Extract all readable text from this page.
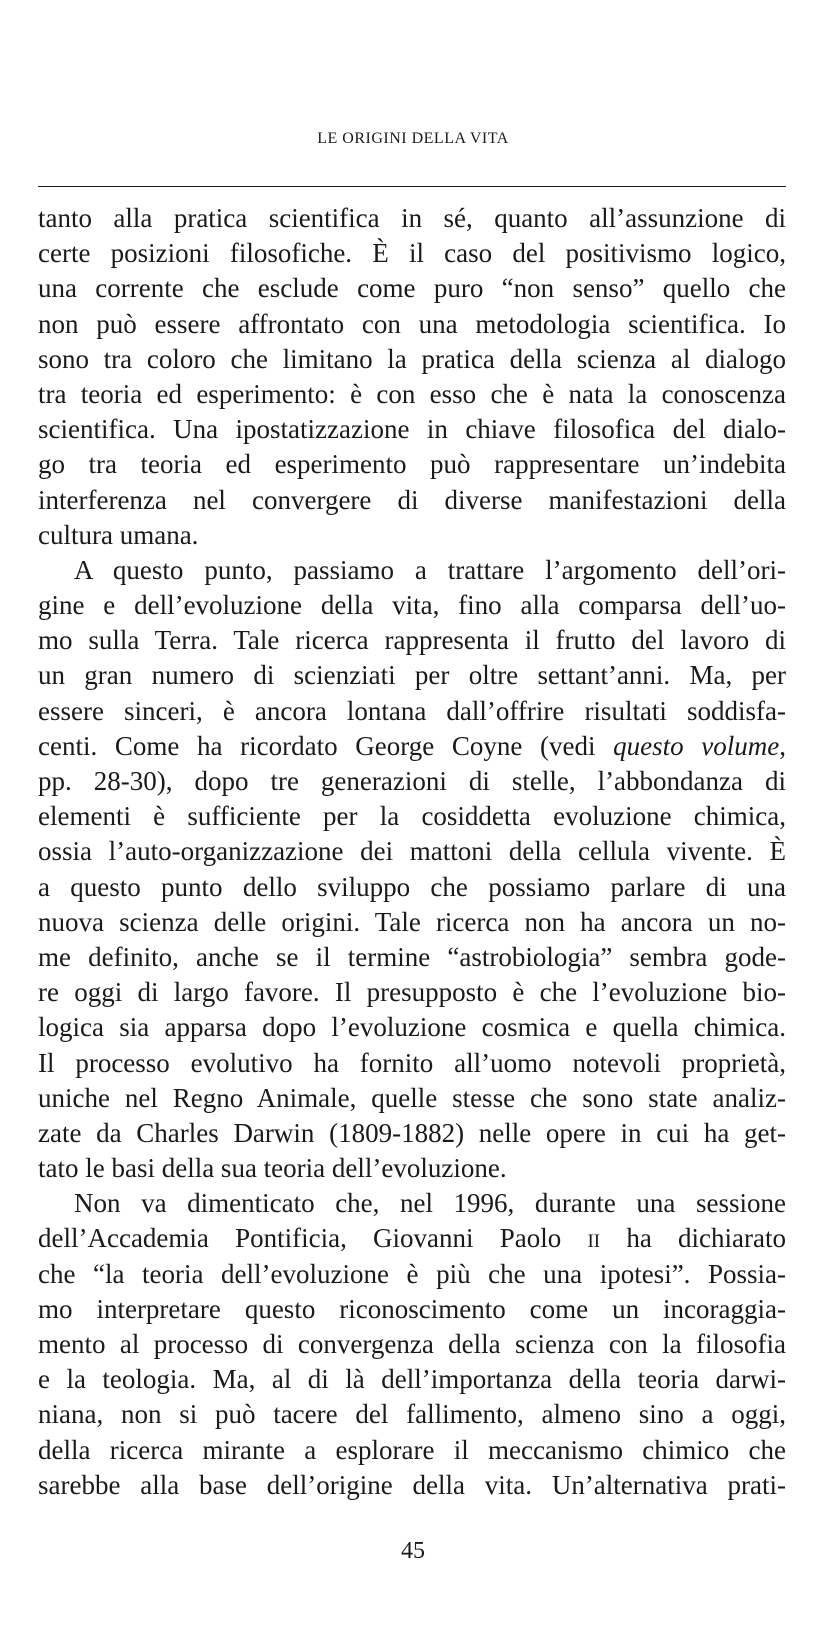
LE ORIGINI DELLA VITA
tanto alla pratica scientifica in sé, quanto all’assunzione di
certe posizioni filosofiche. È il caso del positivismo logico,
una corrente che esclude come puro “non senso” quello che
non può essere affrontato con una metodologia scientifica. Io
sono tra coloro che limitano la pratica della scienza al dialogo
tra teoria ed esperimento: è con esso che è nata la conoscenza
scientifica. Una ipostatizzazione in chiave filosofica del dialo-
go tra teoria ed esperimento può rappresentare un’indebita
interferenza nel convergere di diverse manifestazioni della
cultura umana.
A questo punto, passiamo a trattare l’argomento dell’ori-
gine e dell’evoluzione della vita, fino alla comparsa dell’uo-
mo sulla Terra. Tale ricerca rappresenta il frutto del lavoro di
un gran numero di scienziati per oltre settant’anni. Ma, per
essere sinceri, è ancora lontana dall’offrire risultati soddisfa-
centi. Come ha ricordato George Coyne (vedi questo volume,
pp. 28-30), dopo tre generazioni di stelle, l’abbondanza di
elementi è sufficiente per la cosiddetta evoluzione chimica,
ossia l’auto-organizzazione dei mattoni della cellula vivente. È
a questo punto dello sviluppo che possiamo parlare di una
nuova scienza delle origini. Tale ricerca non ha ancora un no-
me definito, anche se il termine “astrobiologia” sembra gode-
re oggi di largo favore. Il presupposto è che l’evoluzione bio-
logica sia apparsa dopo l’evoluzione cosmica e quella chimica.
Il processo evolutivo ha fornito all’uomo notevoli proprietà,
uniche nel Regno Animale, quelle stesse che sono state analiz-
zate da Charles Darwin (1809-1882) nelle opere in cui ha get-
tato le basi della sua teoria dell’evoluzione.
Non va dimenticato che, nel 1996, durante una sessione
dell’Accademia Pontificia, Giovanni Paolo ii ha dichiarato
che “la teoria dell’evoluzione è più che una ipotesi”. Possia-
mo interpretare questo riconoscimento come un incoraggia-
mento al processo di convergenza della scienza con la filosofia
e la teologia. Ma, al di là dell’importanza della teoria darwi-
niana, non si può tacere del fallimento, almeno sino a oggi,
della ricerca mirante a esplorare il meccanismo chimico che
sarebbe alla base dell’origine della vita. Un’alternativa prati-
45
